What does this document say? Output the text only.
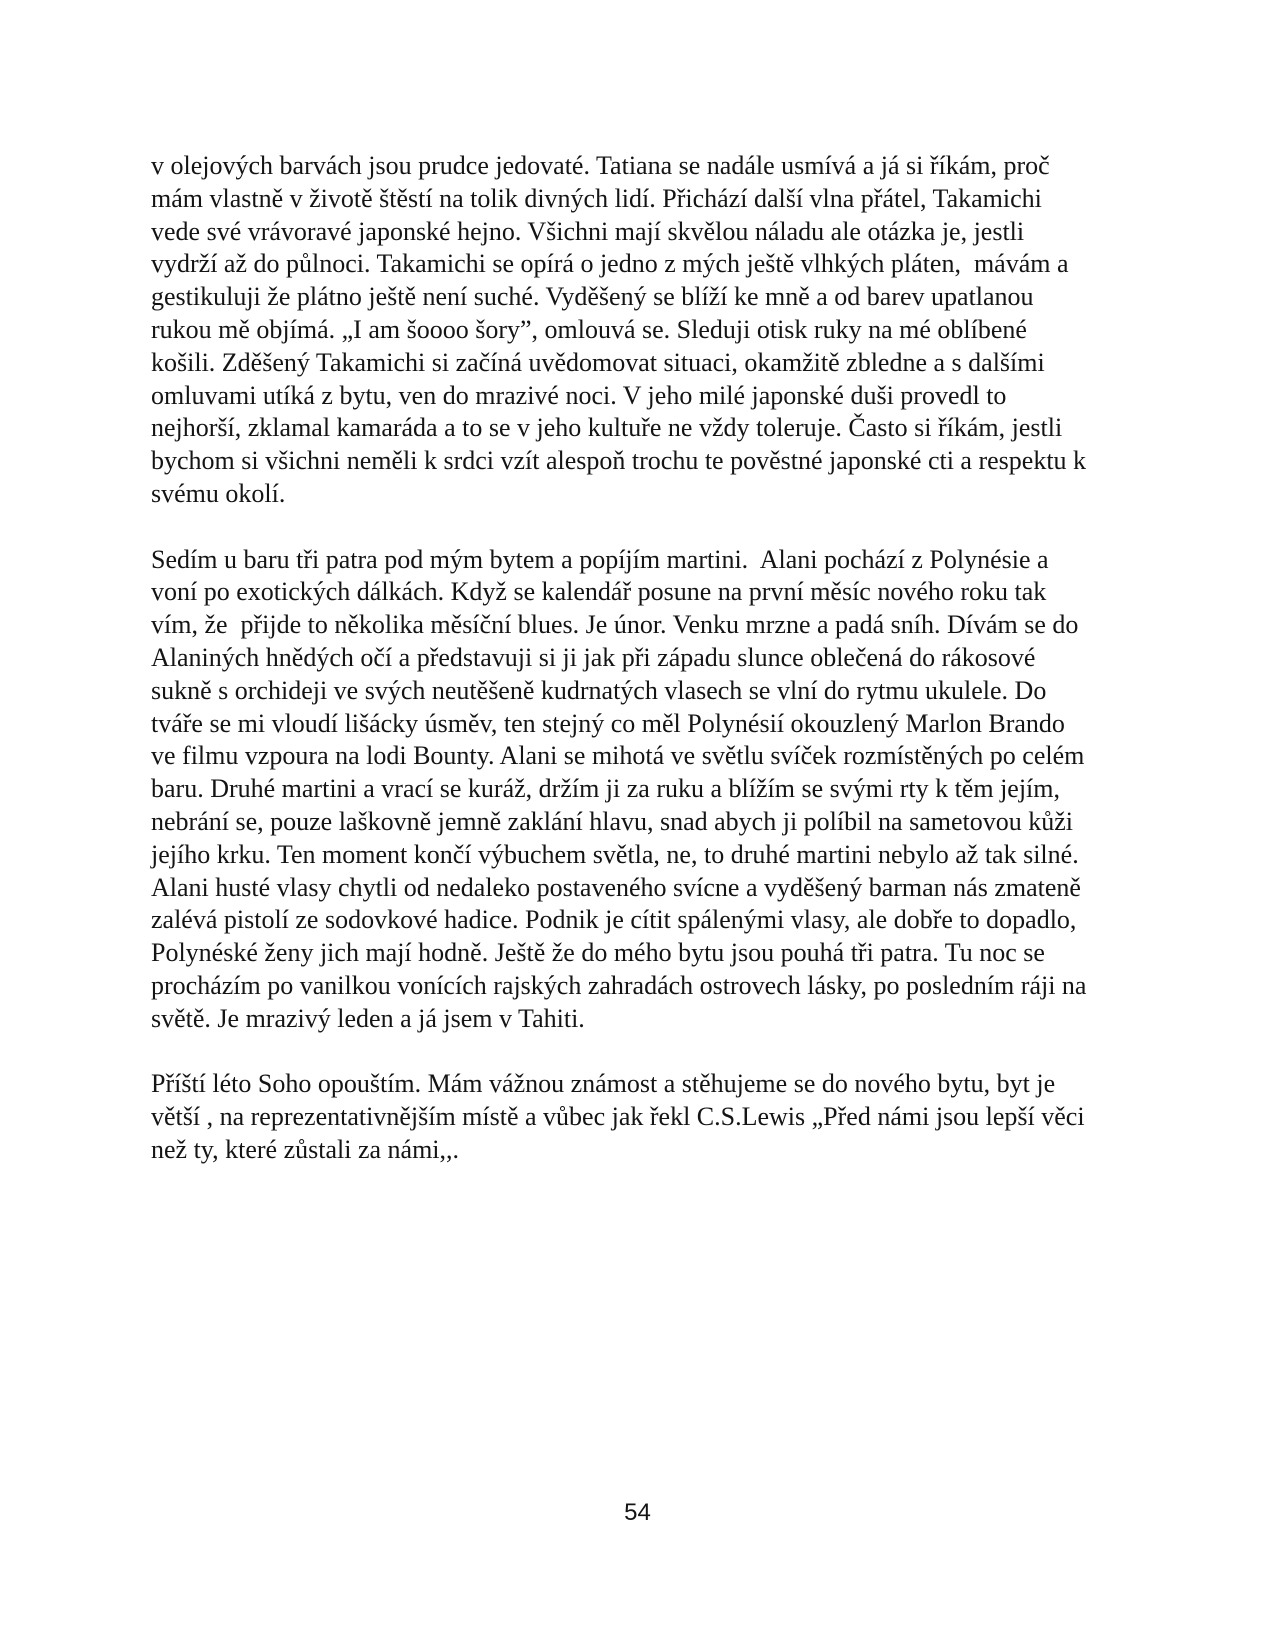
v olejových barvách jsou prudce jedovaté. Tatiana se nadále usmívá a já si říkám, proč
mám vlastně v životě štěstí na tolik divných lidí. Přichází další vlna přátel, Takamichi
vede své vrávoravé japonské hejno. Všichni mají skvělou náladu ale otázka je, jestli
vydrží až do půlnoci. Takamichi se opírá o jedno z mých ještě vlhkých pláten,  mávám a
gestikuluji že plátno ještě není suché. Vyděšený se blíží ke mně a od barev upatlanou
rukou mě objímá. „I am šoooo šory”, omlouvá se. Sleduji otisk ruky na mé oblíbené
košili. Zděšený Takamichi si začíná uvědomovat situaci, okamžitě zbledne a s dalšími
omluvami utíká z bytu, ven do mrazivé noci. V jeho milé japonské duši provedl to
nejhorší, zklamal kamaráda a to se v jeho kultuře ne vždy toleruje. Často si říkám, jestli
bychom si všichni neměli k srdci vzít alespoň trochu te pověstné japonské cti a respektu k
svému okolí.

Sedím u baru tři patra pod mým bytem a popíjím martini.  Alani pochází z Polynésie a
voní po exotických dálkách. Když se kalendář posune na první měsíc nového roku tak
vím, že  přijde to několika měsíční blues. Je únor. Venku mrzne a padá sníh. Dívám se do
Alaniných hnědých očí a představuji si ji jak při západu slunce oblečená do rákosové
sukně s orchideji ve svých neutěšeně kudrnatých vlasech se vlní do rytmu ukulele. Do
tváře se mi vloudí lišácky úsměv, ten stejný co měl Polynésií okouzlený Marlon Brando
ve filmu vzpoura na lodi Bounty. Alani se mihotá ve světlu svíček rozmístěných po celém
baru. Druhé martini a vrací se kuráž, držím ji za ruku a blížím se svými rty k těm jejím,
nebrání se, pouze laškovně jemně zaklání hlavu, snad abych ji políbil na sametovou kůži
jejího krku. Ten moment končí výbuchem světla, ne, to druhé martini nebylo až tak silné.
Alani husté vlasy chytli od nedaleko postaveného svícne a vyděšený barman nás zmateně
zalévá pistolí ze sodovkové hadice. Podnik je cítit spálenými vlasy, ale dobře to dopadlo,
Polynéské ženy jich mají hodně. Ještě že do mého bytu jsou pouhá tři patra. Tu noc se
procházím po vanilkou vonících rajských zahradách ostrovech lásky, po posledním ráji na
světě. Je mrazivý leden a já jsem v Tahiti.

Příští léto Soho opouštím. Mám vážnou známost a stěhujeme se do nového bytu, byt je
větší , na reprezentativnějším místě a vůbec jak řekl C.S.Lewis „Před námi jsou lepší věci
než ty, které zůstali za námi,,.

54
